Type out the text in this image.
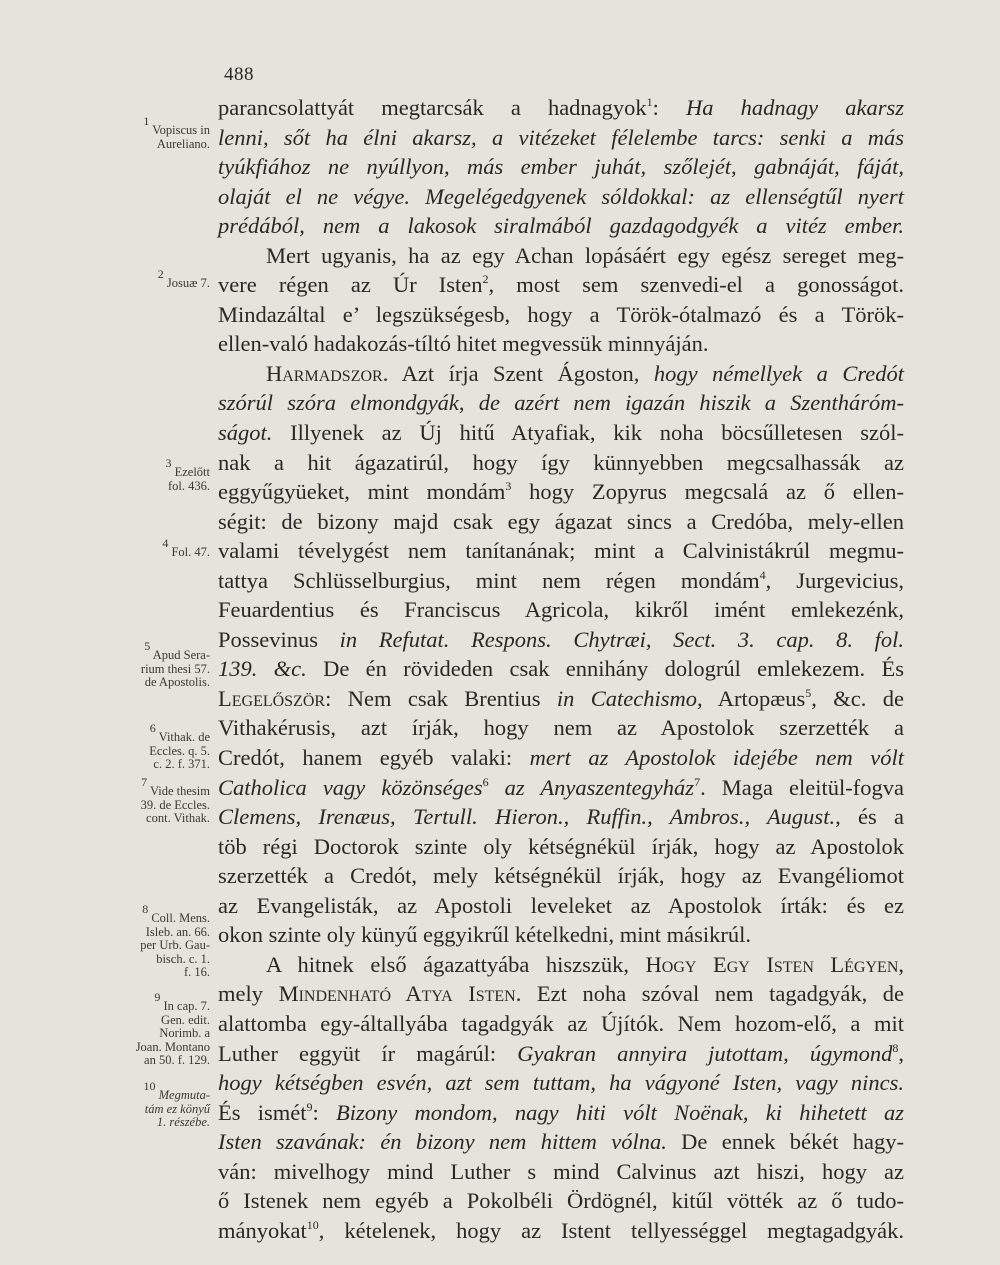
488
parancsolattyát megtarcsák a hadnagyok$^1$: Ha hadnagy akarsz
lenni, sőt ha élni akarsz, a vitézeket félelembe tarcs: senki a más
tyúkfiához ne nyúllyon, más ember juhát, szőlejét, gabnáját, fáját,
olaját el ne végye. Megelégedgyenek sóldokkal: az ellenségtűl nyert
prédából, nem a lakosok siralmából gazdagodgyék a vitéz ember.
Mert ugyanis, ha az egy Achan lopásáért egy egész sereget meg-
vere régen az Úr Isten$^2$, most sem szenvedi-el a gonosságot.
Mindazáltal e’ legszükségesb, hogy a Török-ótalmazó és a Török-
ellen-való hadakozás-tíltó hitet megvessük minnyáján.
Harmadszor. Azt írja Szent Ágoston, hogy némellyek a Credót
szórúl szóra elmondgyák, de azért nem igazán hiszik a Szentháróm-
ságot. Illyenek az Új hitű Atyafiak, kik noha böcsűlletesen szól-
nak a hit ágazatirúl, hogy így künnyebben megcsalhassák az
eggyűgyüeket, mint mondám$^3$ hogy Zopyrus megcsalá az ő ellen-
ségit: de bizony majd csak egy ágazat sincs a Credóba, mely-ellen
valami tévelygést nem tanítanának; mint a Calvinistákrúl megmu-
tattya Schlüsselburgius, mint nem régen mondám$^4$, Jurgevicius,
Feuardentius és Franciscus Agricola, kikről imént emlekezénk,
Possevinus in Refutat. Respons. Chytræi, Sect. 3. cap. 8. fol.
139. &c. De én rövideden csak ennihány dologrúl emlekezem. És
Legelőször: Nem csak Brentius in Catechismo, Artopæus$^5$, &c. de
Vithakérusis, azt írják, hogy nem az Apostolok szerzették a
Credót, hanem egyéb valaki: mert az Apostolok idejébe nem vólt
Catholica vagy közönséges$^6$ az Anyaszentegyház$^7$. Maga eleitül-fogva
Clemens, Irenæus, Tertull. Hieron., Ruffin., Ambros., August., és a
töb régi Doctorok szinte oly kétségnékül írják, hogy az Apostolok
szerzették a Credót, mely kétségnékül írják, hogy az Evangéliomot
az Evangelisták, az Apostoli leveleket az Apostolok írták: és ez
okon szinte oly künyű eggyikrűl kételkedni, mint másikrúl.
A hitnek első ágazattyába hiszszük, Hogy Egy Isten Légyen,
mely Mindenható Atya Isten. Ezt noha szóval nem tagadgyák, de
alattomba egy-általlyába tagadgyák az Újítók. Nem hozom-elő, a mit
Luther eggyüt ír magárúl: Gyakran annyira jutottam, úgymond$^8$,
hogy kétségben esvén, azt sem tuttam, ha vágyoné Isten, vagy nincs.
És ismét$^9$: Bizony mondom, nagy hiti vólt Noënak, ki hihetett az
Isten szavának: én bizony nem hittem vólna. De ennek békét hagy-
ván: mivelhogy mind Luther s mind Calvinus azt hiszi, hogy az
ő Istenek nem egyéb a Pokolbéli Ördögnél, kitűl vötték az ő tudo-
mányokat$^{10}$, kételenek, hogy az Istent tellyességgel megtagadgyák.
$^1$ Vopiscus in
Aureliano.
$^2$ Josuæ 7.
$^3$ Ezelőtt
fol. 436.
$^4$ Fol. 47.
$^5$ Apud Sera-
rium thesi 57.
de Apostolis.
$^6$ Vithak. de
Eccles. q. 5.
c. 2. f. 371.
$^7$ Vide thesim
39. de Eccles.
cont. Vithak.
$^8$ Coll. Mens.
Isleb. an. 66.
per Urb. Gau-
bisch. c. 1.
f. 16.
$^9$ In cap. 7.
Gen. edit.
Norimb. a
Joan. Montano
an 50. f. 129.
$^{10}$ Megmuta-
tám ez könyű
1. részébe.
